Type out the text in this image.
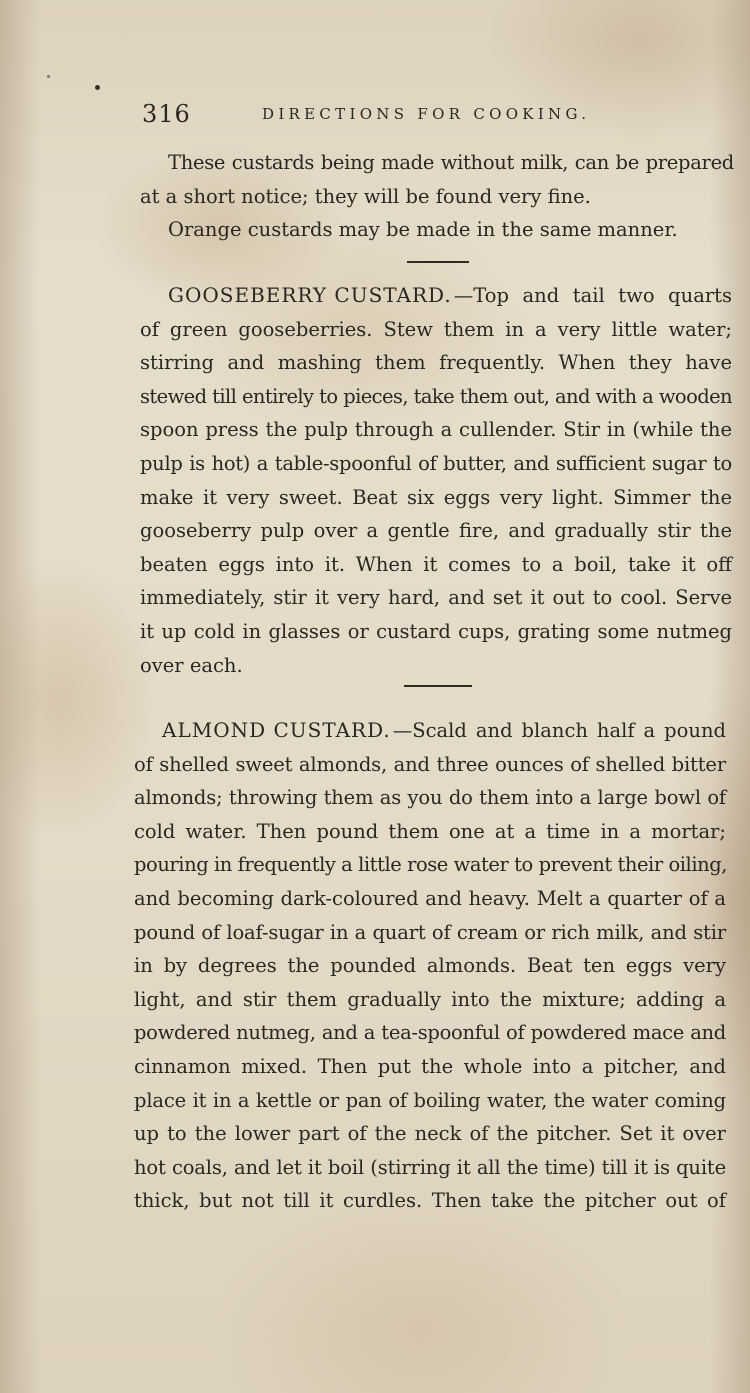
316	DIRECTIONS FOR COOKING.
These custards being made without milk, can be prepared
at a short notice; they will be found very fine.
Orange custards may be made in the same manner.
GOOSEBERRY CUSTARD. —Top and tail two quarts
of green gooseberries. Stew them in a very little water;
stirring and mashing them frequently. When they have
stewed till entirely to pieces, take them out, and with a wooden
spoon press the pulp through a cullender. Stir in (while the
pulp is hot) a table-spoonful of butter, and sufficient sugar to
make it very sweet. Beat six eggs very light. Simmer the
gooseberry pulp over a gentle fire, and gradually stir the
beaten eggs into it. When it comes to a boil, take it off
immediately, stir it very hard, and set it out to cool. Serve
it up cold in glasses or custard cups, grating some nutmeg
over each.
ALMOND CUSTARD. —Scald and blanch half a pound
of shelled sweet almonds, and three ounces of shelled bitter
almonds; throwing them as you do them into a large bowl of
cold water. Then pound them one at a time in a mortar;
pouring in frequently a little rose water to prevent their oiling,
and becoming dark-coloured and heavy. Melt a quarter of a
pound of loaf-sugar in a quart of cream or rich milk, and stir
in by degrees the pounded almonds. Beat ten eggs very
light, and stir them gradually into the mixture; adding a
powdered nutmeg, and a tea-spoonful of powdered mace and
cinnamon mixed. Then put the whole into a pitcher, and
place it in a kettle or pan of boiling water, the water coming
up to the lower part of the neck of the pitcher. Set it over
hot coals, and let it boil (stirring it all the time) till it is quite
thick, but not till it curdles. Then take the pitcher out of
